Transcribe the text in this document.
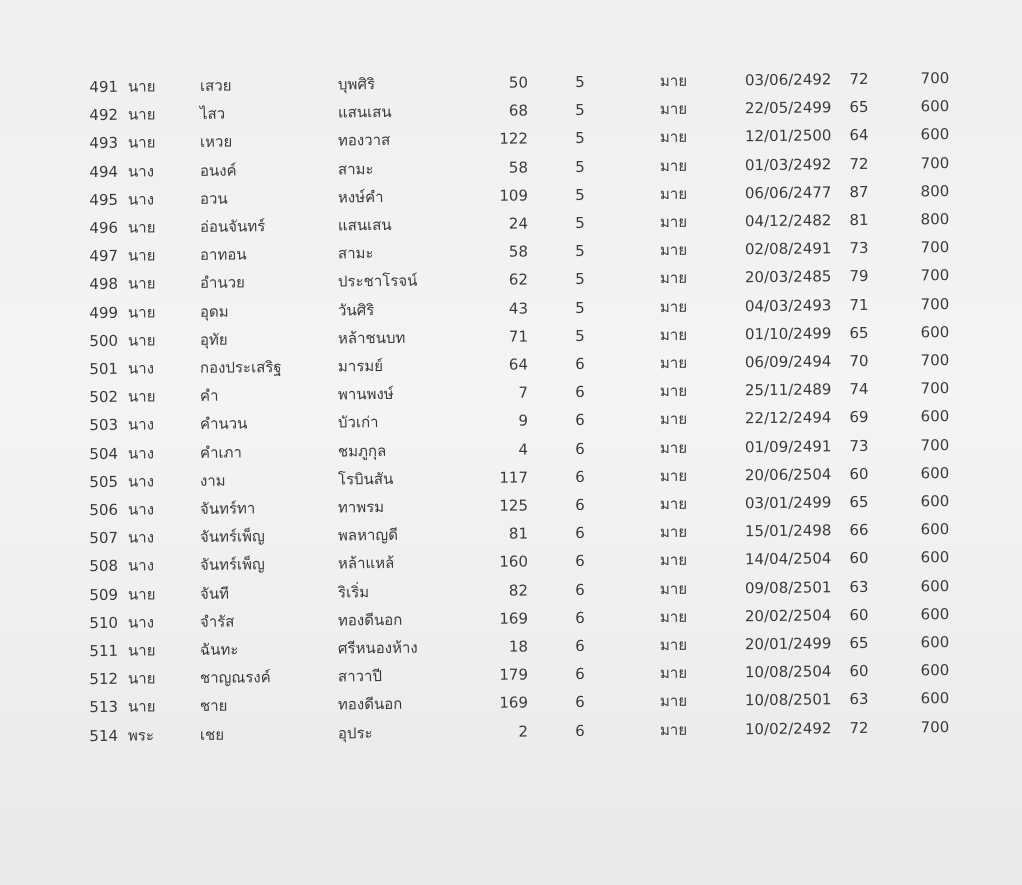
491 นาย	เสวย	บุพศิริ	50	5	มาย	03/06/2492	72	700
492 นาย	ไสว	แสนเสน	68	5	มาย	22/05/2499	65	600
493 นาย	เหวย	ทองวาส	122	5	มาย	12/01/2500	64	600
494 นาง	อนงค์	สามะ	58	5	มาย	01/03/2492	72	700
495 นาง	อวน	หงษ์คำ	109	5	มาย	06/06/2477	87	800
496 นาย	อ่อนจันทร์	แสนเสน	24	5	มาย	04/12/2482	81	800
497 นาย	อาทอน	สามะ	58	5	มาย	02/08/2491	73	700
498 นาย	อำนวย	ประชาโรจน์	62	5	มาย	20/03/2485	79	700
499 นาย	อุดม	วันศิริ	43	5	มาย	04/03/2493	71	700
500 นาย	อุทัย	หล้าชนบท	71	5	มาย	01/10/2499	65	600
501 นาง	กองประเสริฐ	มารมย์	64	6	มาย	06/09/2494	70	700
502 นาย	คำ	พานพงษ์	7	6	มาย	25/11/2489	74	700
503 นาง	คำนวน	บัวเก่า	9	6	มาย	22/12/2494	69	600
504 นาง	คำเภา	ชมภูกุล	4	6	มาย	01/09/2491	73	700
505 นาง	งาม	โรบินสัน	117	6	มาย	20/06/2504	60	600
506 นาง	จันทร์ทา	ทาพรม	125	6	มาย	03/01/2499	65	600
507 นาง	จันทร์เพ็ญ	พลหาญดี	81	6	มาย	15/01/2498	66	600
508 นาง	จันทร์เพ็ญ	หล้าแหล้	160	6	มาย	14/04/2504	60	600
509 นาย	จันที	ริเริ่ม	82	6	มาย	09/08/2501	63	600
510 นาง	จำรัส	ทองดีนอก	169	6	มาย	20/02/2504	60	600
511 นาย	ฉันทะ	ศรีหนองห้าง	18	6	มาย	20/01/2499	65	600
512 นาย	ชาญณรงค์	สาวาปี	179	6	มาย	10/08/2504	60	600
513 นาย	ชาย	ทองดีนอก	169	6	มาย	10/08/2501	63	600
514 พระ	เชย	อุประ	2	6	มาย	10/02/2492	72	700
